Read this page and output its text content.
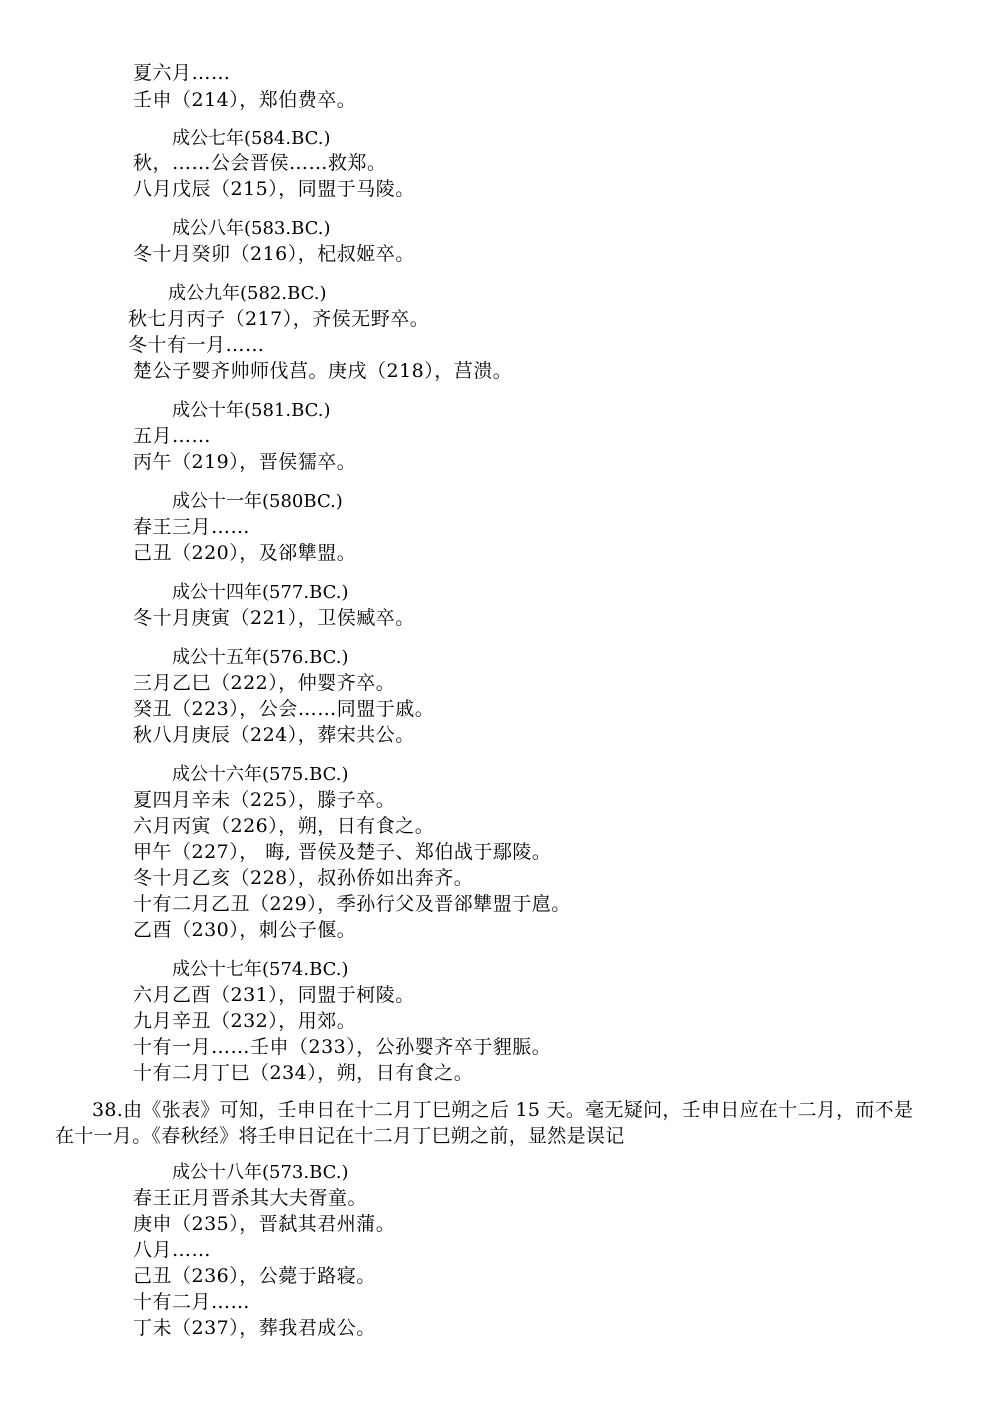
夏六月……
壬申（214），郑伯费卒。
成公七年(584.BC.)
秋，……公会晋侯……救郑。
八月戊辰（215），同盟于马陵。
成公八年(583.BC.)
冬十月癸卯（216），杞叔姬卒。
成公九年(582.BC.)
秋七月丙子（217），齐侯无野卒。
冬十有一月……
楚公子婴齐帅师伐莒。庚戌（218），莒溃。
成公十年(581.BC.)
五月……
丙午（219），晋侯獳卒。
成公十一年(580BC.)
春王三月……
己丑（220），及郤犨盟。
成公十四年(577.BC.)
冬十月庚寅（221），卫侯臧卒。
成公十五年(576.BC.)
三月乙巳（222），仲婴齐卒。
癸丑（223），公会……同盟于戚。
秋八月庚辰（224），葬宋共公。
成公十六年(575.BC.)
夏四月辛未（225），滕子卒。
六月丙寅（226），朔，日有食之。
甲午（227）， 晦, 晋侯及楚子、郑伯战于鄢陵。
冬十月乙亥（228），叔孙侨如出奔齐。
十有二月乙丑（229），季孙行父及晋郤犨盟于扈。
乙酉（230），刺公子偃。
成公十七年(574.BC.)
六月乙酉（231），同盟于柯陵。
九月辛丑（232），用郊。
十有一月……壬申（233），公孙婴齐卒于貍脤。
十有二月丁巳（234），朔，日有食之。
38.由《张表》可知，壬申日在十二月丁巳朔之后 15 天。毫无疑问，壬申日应在十二月，而不是
在十一月。《春秋经》将壬申日记在十二月丁巳朔之前，显然是误记
成公十八年(573.BC.)
春王正月晋杀其大夫胥童。
庚申（235），晋弑其君州蒲。
八月……
己丑（236），公薨于路寝。
十有二月……
丁未（237），葬我君成公。
